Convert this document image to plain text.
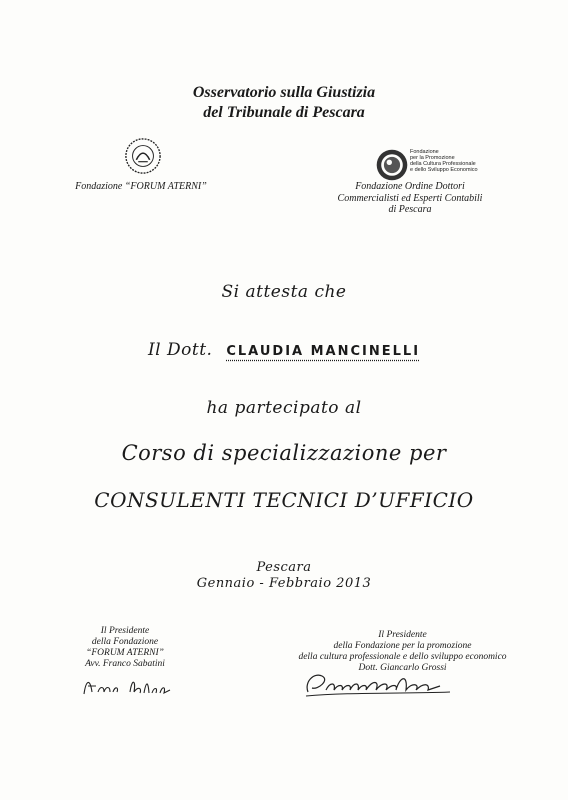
Osservatorio sulla Giustizia
del Tribunale di Pescara
Fondazione
per la Promozione
della Cultura Professionale
e dello Sviluppo Economico
Fondazione “FORUM ATERNI”	Fondazione Ordine Dottori
Commercialisti ed Esperti Contabili
di Pescara
Si attesta che
Il Dott. CLAUDIA MANCINELLI
ha partecipato al
Corso di specializzazione per
CONSULENTI TECNICI D’UFFICIO
Pescara
Gennaio - Febbraio 2013
Il Presidente
della Fondazione
“FORUM ATERNI”
Avv. Franco Sabatini
Il Presidente
della Fondazione per la promozione
della cultura professionale e dello sviluppo economico
Dott. Giancarlo Grossi
